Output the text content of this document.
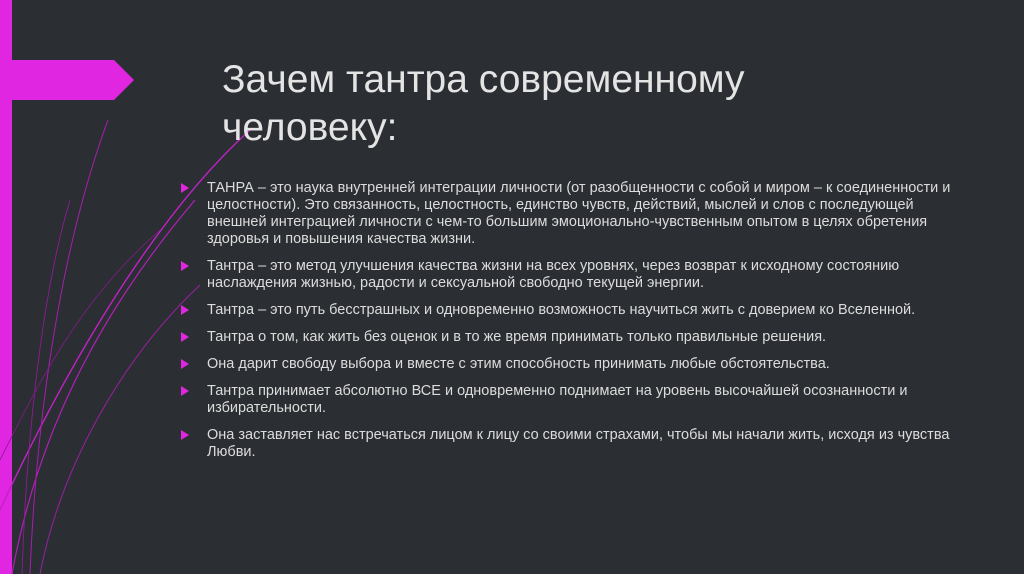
Зачем тантра современному человеку:
ТАНРА – это наука внутренней интеграции личности (от разобщенности с собой и миром – к соединенности и целостности). Это связанность, целостность, единство чувств, действий, мыслей и слов с последующей внешней интеграцией личности с чем-то большим эмоционально-чувственным опытом в целях обретения здоровья и повышения качества жизни.
Тантра – это метод улучшения качества жизни на всех уровнях, через возврат к исходному состоянию наслаждения жизнью, радости и сексуальной свободно текущей энергии.
Тантра – это путь бесстрашных и одновременно возможность научиться жить с доверием ко Вселенной.
Тантра о том, как жить без оценок и в то же время принимать только правильные решения.
Она дарит свободу выбора и вместе с этим способность принимать любые обстоятельства.
Тантра принимает абсолютно ВСЕ и одновременно поднимает на уровень высочайшей осознанности и избирательности.
Она заставляет нас встречаться лицом к лицу со своими страхами, чтобы мы начали жить, исходя из чувства Любви.
